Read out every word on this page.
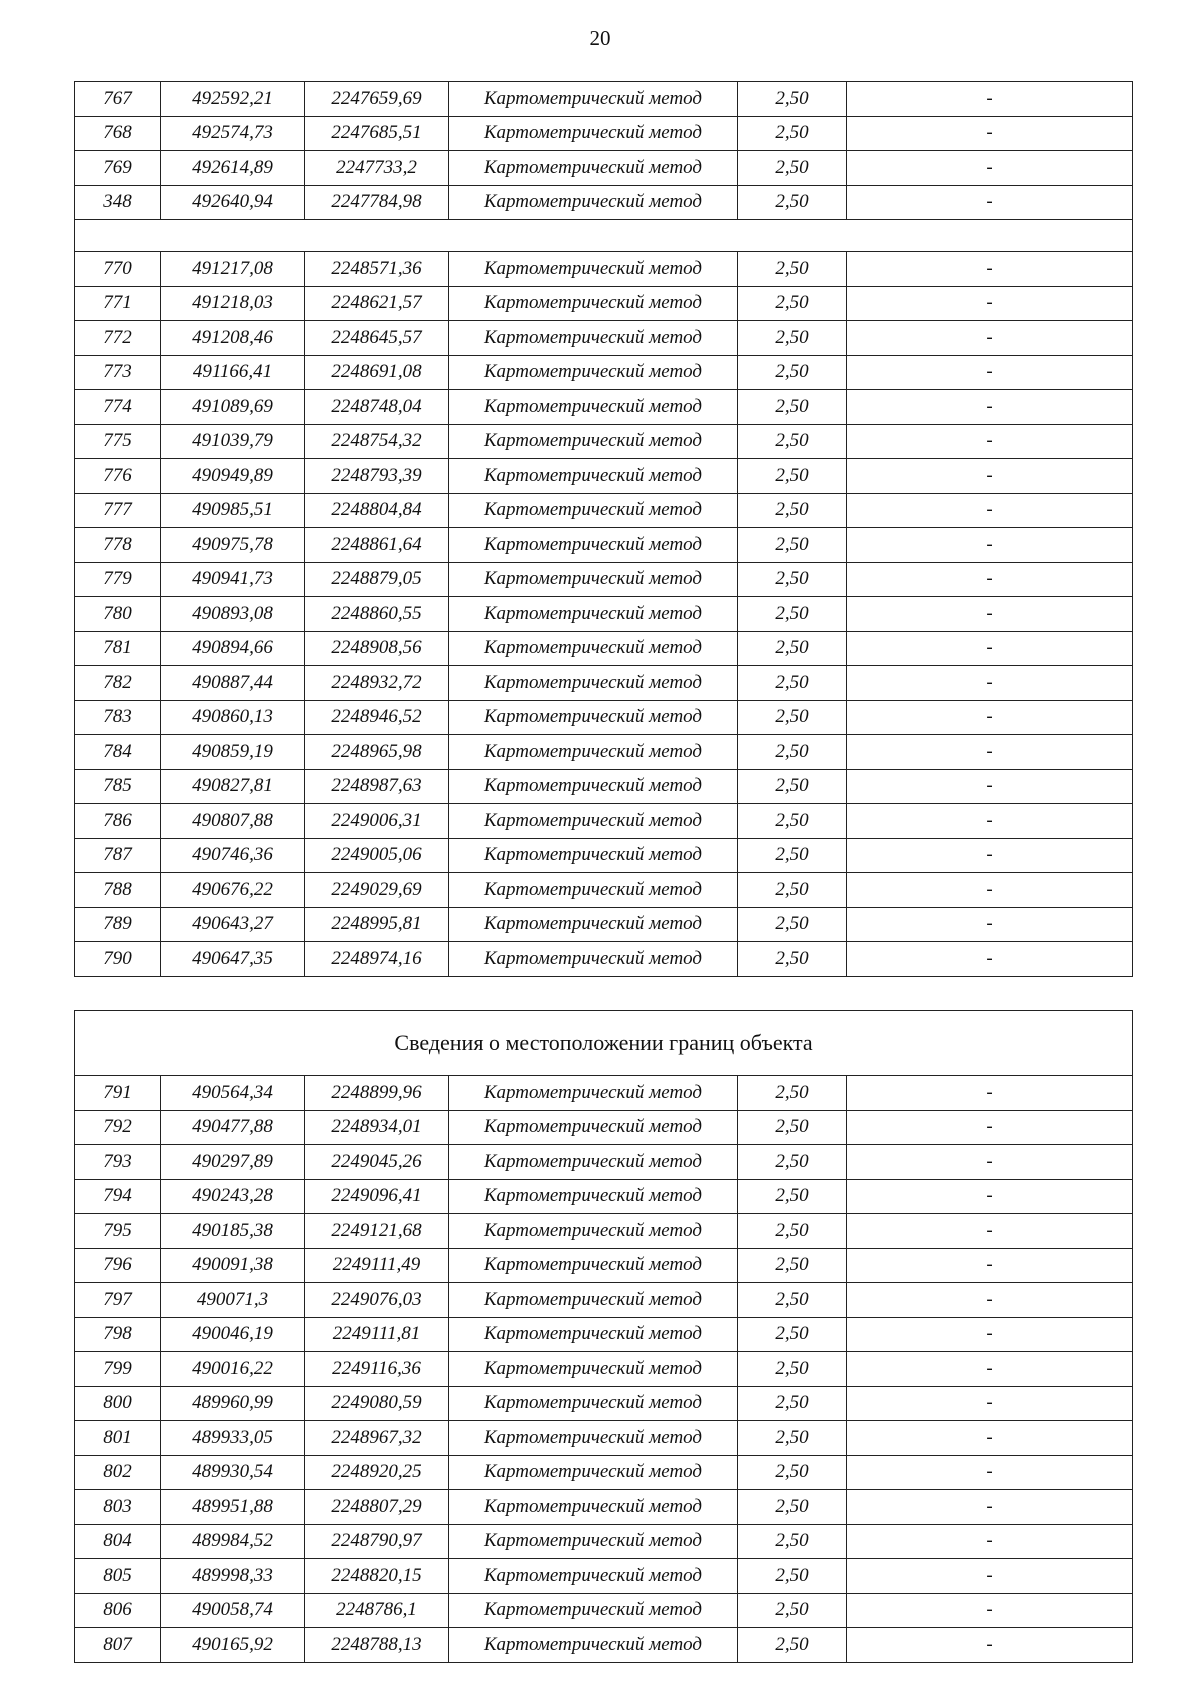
20
767	492592,21	2247659,69	Картометрический метод	2,50	-
768	492574,73	2247685,51	Картометрический метод	2,50	-
769	492614,89	2247733,2	Картометрический метод	2,50	-
348	492640,94	2247784,98	Картометрический метод	2,50	-

770	491217,08	2248571,36	Картометрический метод	2,50	-
771	491218,03	2248621,57	Картометрический метод	2,50	-
772	491208,46	2248645,57	Картометрический метод	2,50	-
773	491166,41	2248691,08	Картометрический метод	2,50	-
774	491089,69	2248748,04	Картометрический метод	2,50	-
775	491039,79	2248754,32	Картометрический метод	2,50	-
776	490949,89	2248793,39	Картометрический метод	2,50	-
777	490985,51	2248804,84	Картометрический метод	2,50	-
778	490975,78	2248861,64	Картометрический метод	2,50	-
779	490941,73	2248879,05	Картометрический метод	2,50	-
780	490893,08	2248860,55	Картометрический метод	2,50	-
781	490894,66	2248908,56	Картометрический метод	2,50	-
782	490887,44	2248932,72	Картометрический метод	2,50	-
783	490860,13	2248946,52	Картометрический метод	2,50	-
784	490859,19	2248965,98	Картометрический метод	2,50	-
785	490827,81	2248987,63	Картометрический метод	2,50	-
786	490807,88	2249006,31	Картометрический метод	2,50	-
787	490746,36	2249005,06	Картометрический метод	2,50	-
788	490676,22	2249029,69	Картометрический метод	2,50	-
789	490643,27	2248995,81	Картометрический метод	2,50	-
790	490647,35	2248974,16	Картометрический метод	2,50	-
Сведения о местоположении границ объекта					
791	490564,34	2248899,96	Картометрический метод	2,50	-
792	490477,88	2248934,01	Картометрический метод	2,50	-
793	490297,89	2249045,26	Картометрический метод	2,50	-
794	490243,28	2249096,41	Картометрический метод	2,50	-
795	490185,38	2249121,68	Картометрический метод	2,50	-
796	490091,38	2249111,49	Картометрический метод	2,50	-
797	490071,3	2249076,03	Картометрический метод	2,50	-
798	490046,19	2249111,81	Картометрический метод	2,50	-
799	490016,22	2249116,36	Картометрический метод	2,50	-
800	489960,99	2249080,59	Картометрический метод	2,50	-
801	489933,05	2248967,32	Картометрический метод	2,50	-
802	489930,54	2248920,25	Картометрический метод	2,50	-
803	489951,88	2248807,29	Картометрический метод	2,50	-
804	489984,52	2248790,97	Картометрический метод	2,50	-
805	489998,33	2248820,15	Картометрический метод	2,50	-
806	490058,74	2248786,1	Картометрический метод	2,50	-
807	490165,92	2248788,13	Картометрический метод	2,50	-
